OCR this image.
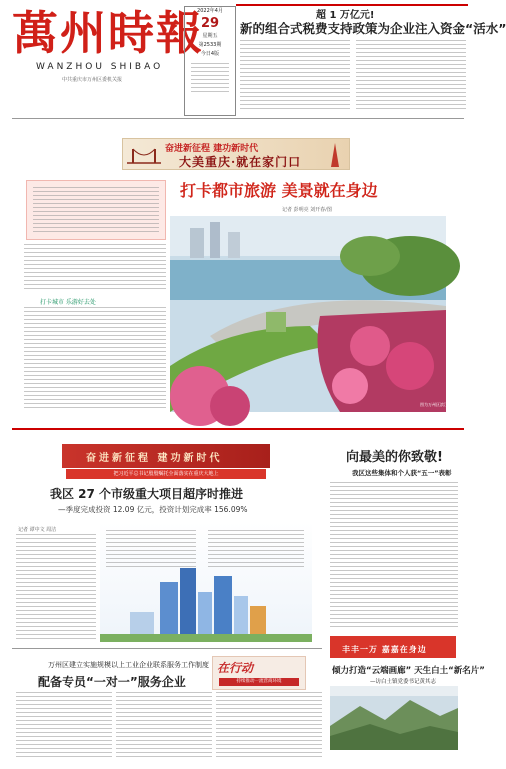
萬州時報
WANZHOU SHIBAO
中共重庆市万州区委机关报
2022年4月
29
星期五
第2533期
今日4版
超 1 万亿元!
新的组合式税费支持政策为企业注入资金“活水”
奋进新征程 建功新时代
大美重庆·就在家门口
打卡城市 乐游好去处
打卡都市旅游 美景就在身边
记者 彭明亮 刘开春/图
图为万州区滨江公园
奋进新征程 建功新时代
把习近平总书记殷殷嘱托全面落实在重庆大地上
我区 27 个市级重大项目超序时推进
—季度完成投资 12.09 亿元，投资计划完成率 156.09%
记者 谭中文 周洁
向最美的你致敬!
我区这些集体和个人获“五一”表彰
万州区建立实施规模以上工业企业联系服务工作制度
配备专员“一对一”服务企业
在行动
持续推动一流营商环境
丰丰一万 嘉嘉在身边
倾力打造“云端画廊” 天生白土“新名片”
—访白土镇党委书记黄其志
